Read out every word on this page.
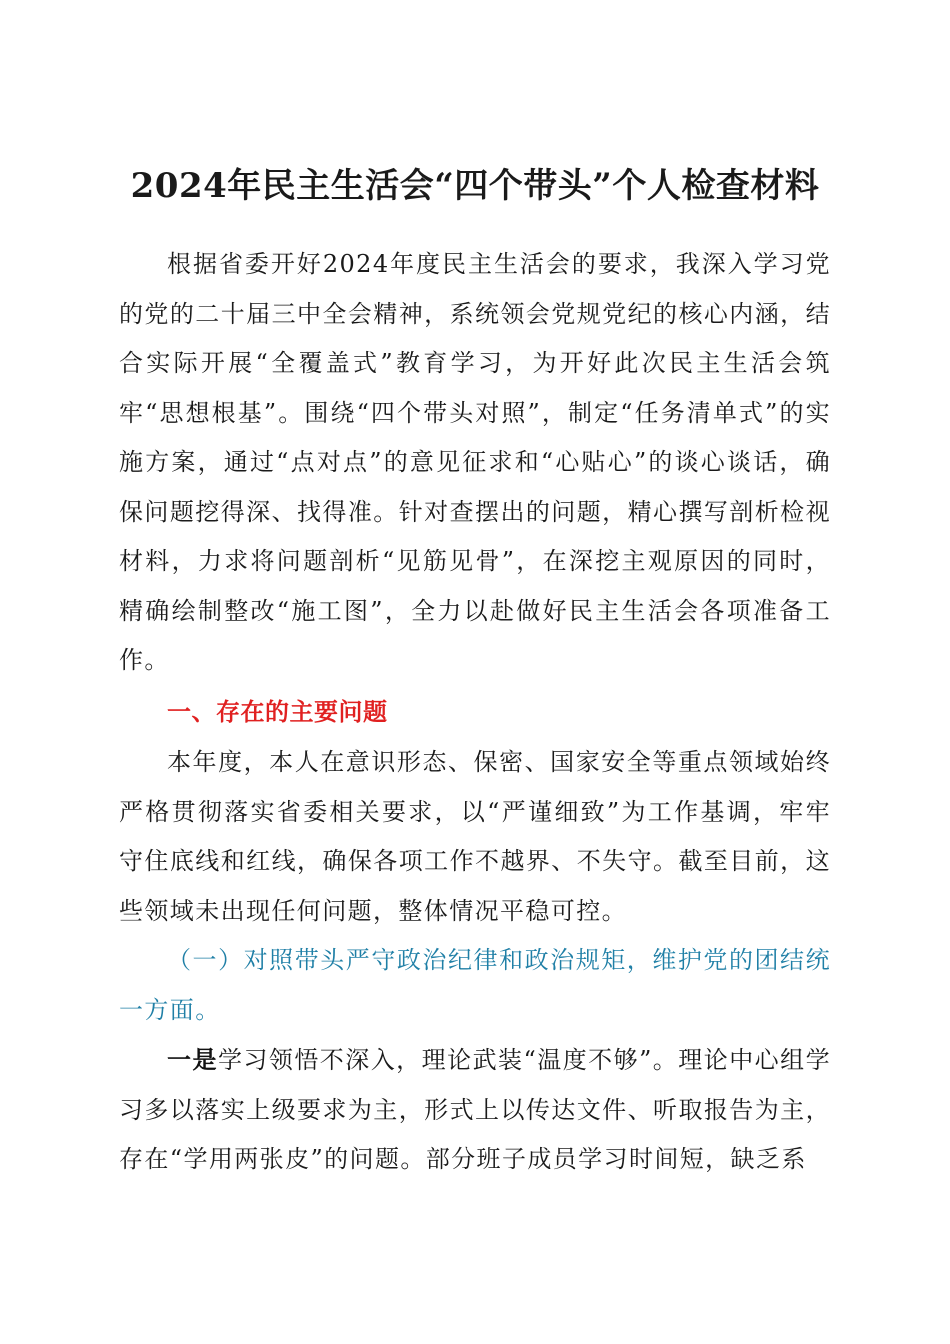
2024年民主生活会“四个带头”个人检查材料

根据省委开好2024年度民主生活会的要求，我深入学习党的党的二十届三中全会精神，系统领会党规党纪的核心内涵，结合实际开展“全覆盖式”教育学习，为开好此次民主生活会筑牢“思想根基”。围绕“四个带头对照”，制定“任务清单式”的实施方案，通过“点对点”的意见征求和“心贴心”的谈心谈话，确保问题挖得深、找得准。针对查摆出的问题，精心撰写剖析检视材料，力求将问题剖析“见筋见骨”，在深挖主观原因的同时，精确绘制整改“施工图”，全力以赴做好民主生活会各项准备工作。

一、存在的主要问题

本年度，本人在意识形态、保密、国家安全等重点领域始终严格贯彻落实省委相关要求，以“严谨细致”为工作基调，牢牢守住底线和红线，确保各项工作不越界、不失守。截至目前，这些领域未出现任何问题，整体情况平稳可控。

（一）对照带头严守政治纪律和政治规矩，维护党的团结统一方面。

一是学习领悟不深入，理论武装“温度不够”。理论中心组学习多以落实上级要求为主，形式上以传达文件、听取报告为主，存在“学用两张皮”的问题。部分班子成员学习时间短，缺乏系
